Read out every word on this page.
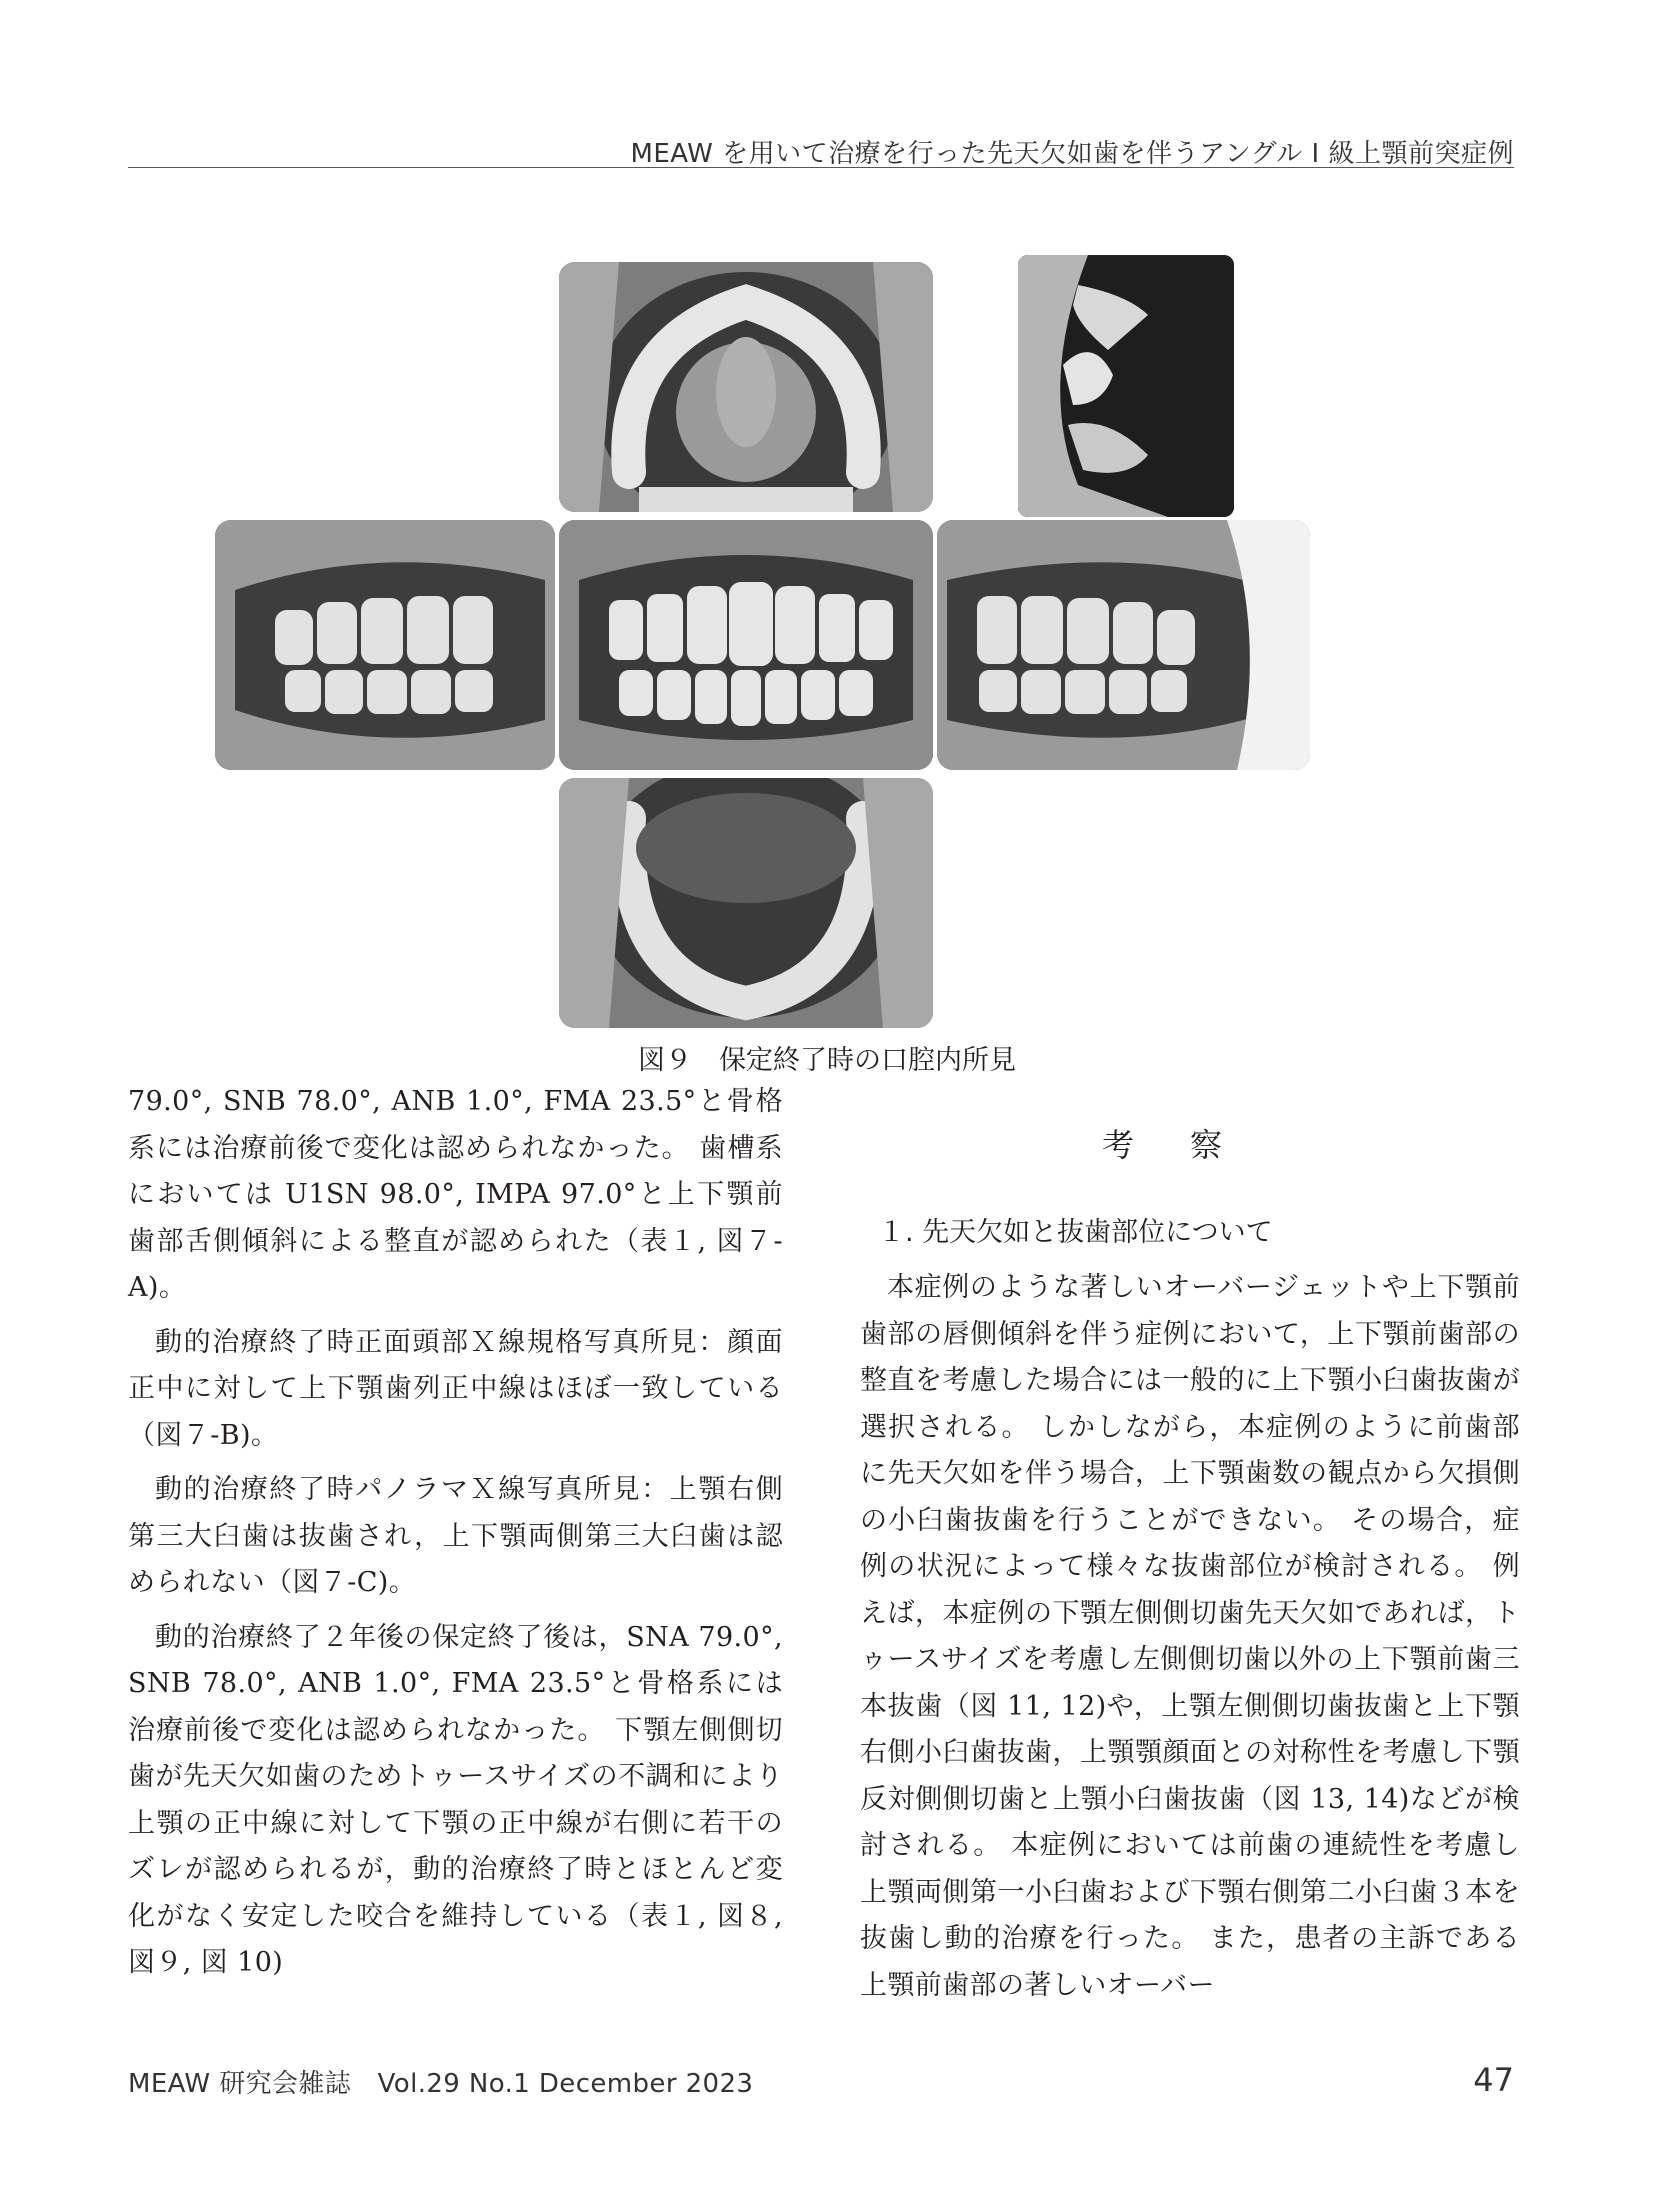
MEAW を用いて治療を行った先天欠如歯を伴うアングル I 級上顎前突症例
図９　保定終了時の口腔内所見

79.0°, SNB 78.0°, ANB 1.0°, FMA 23.5°と骨格系には治療前後で変化は認められなかった。 歯槽系においては U1SN 98.0°, IMPA 97.0°と上下顎前歯部舌側傾斜による整直が認められた（表１, 図７-A)。

動的治療終了時正面頭部Ｘ線規格写真所見：顔面正中に対して上下顎歯列正中線はほぼ一致している（図７-B)。

動的治療終了時パノラマＸ線写真所見：上顎右側第三大臼歯は抜歯され，上下顎両側第三大臼歯は認められない（図７-C)。

動的治療終了２年後の保定終了後は，SNA 79.0°, SNB 78.0°, ANB 1.0°, FMA 23.5°と骨格系には治療前後で変化は認められなかった。 下顎左側側切歯が先天欠如歯のためトゥースサイズの不調和により上顎の正中線に対して下顎の正中線が右側に若干のズレが認められるが，動的治療終了時とほとんど変化がなく安定した咬合を維持している（表１, 図８, 図９, 図 10)

考察
１. 先天欠如と抜歯部位について

本症例のような著しいオーバージェットや上下顎前歯部の唇側傾斜を伴う症例において，上下顎前歯部の整直を考慮した場合には一般的に上下顎小臼歯抜歯が選択される。 しかしながら，本症例のように前歯部に先天欠如を伴う場合，上下顎歯数の観点から欠損側の小臼歯抜歯を行うことができない。 その場合，症例の状況によって様々な抜歯部位が検討される。 例えば，本症例の下顎左側側切歯先天欠如であれば，トゥースサイズを考慮し左側側切歯以外の上下顎前歯三本抜歯（図 11, 12)や，上顎左側側切歯抜歯と上下顎右側小臼歯抜歯，上顎顎顔面との対称性を考慮し下顎反対側側切歯と上顎小臼歯抜歯（図 13, 14)などが検討される。 本症例においては前歯の連続性を考慮し上顎両側第一小臼歯および下顎右側第二小臼歯３本を抜歯し動的治療を行った。 また，患者の主訴である上顎前歯部の著しいオーバー

MEAW 研究会雑誌　Vol.29 No.1 December 2023	47
